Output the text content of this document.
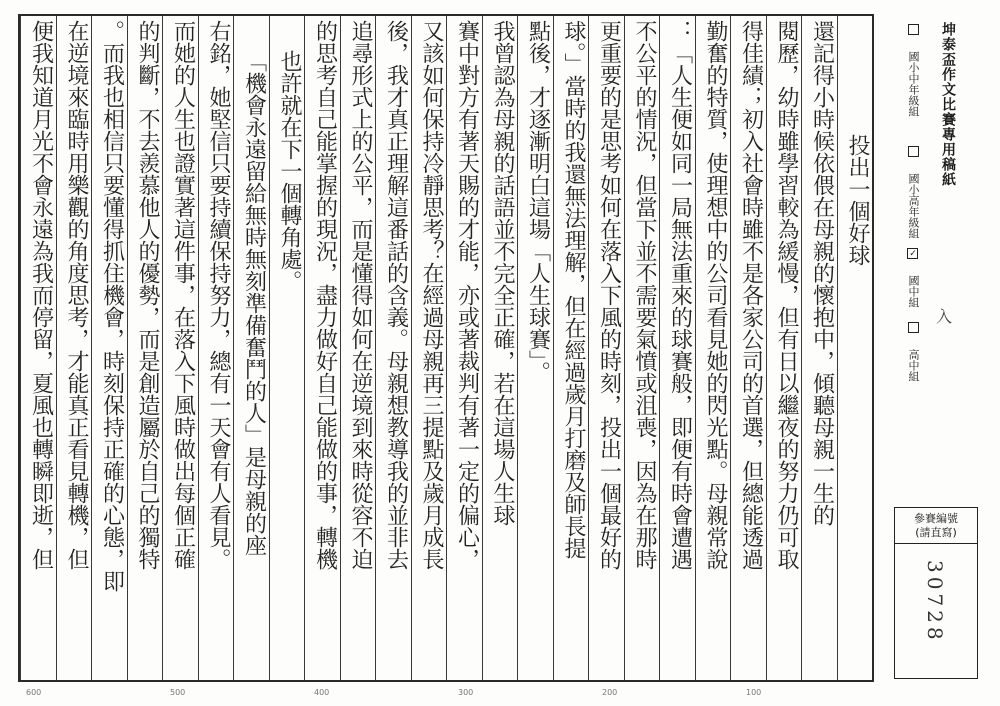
投出一個好球
還記得小時候依偎在母親的懷抱中，傾聽母親一生的
閱歷，幼時雖學習較為緩慢，但有日以繼夜的努力仍可取
得佳績；初入社會時雖不是各家公司的首選，但總能透過
勤奮的特質，使理想中的公司看見她的閃光點。母親常說
：「人生便如同一局無法重來的球賽般，即便有時會遭遇
不公平的情況，但當下並不需要氣憤或沮喪，因為在那時
更重要的是思考如何在落入下風的時刻，投出一個最好的
球。」當時的我還無法理解，但在經過歲月打磨及師長提
點後，才逐漸明白這場「人生球賽」。
我曾認為母親的話語並不完全正確，若在這場人生球
賽中對方有著天賜的才能，亦或著裁判有著一定的偏心，
又該如何保持冷靜思考？在經過母親再三提點及歲月成長
後，我才真正理解這番話的含義。母親想教導我的並非去
追尋形式上的公平，而是懂得如何在逆境到來時從容不迫
的思考自己能掌握的現況，盡力做好自己能做的事，轉機
也許就在下一個轉角處。
「機會永遠留給無時無刻準備奮鬥的人」是母親的座
右銘，她堅信只要持續保持努力，總有一天會有人看見。
而她的人生也證實著這件事，在落入下風時做出每個正確
的判斷，不去羨慕他人的優勢，而是創造屬於自己的獨特
。而我也相信只要懂得抓住機會，時刻保持正確的心態，即
在逆境來臨時用樂觀的角度思考，才能真正看見轉機，但
便我知道月光不會永遠為我而停留，夏風也轉瞬即逝，但	坤泰盃作文比賽專用稿紙
國小中年級組
國小高年級組
✓ 國中組
高中組
入
參賽編號
(請直寫)
30728
600	500	400	300	200	100
